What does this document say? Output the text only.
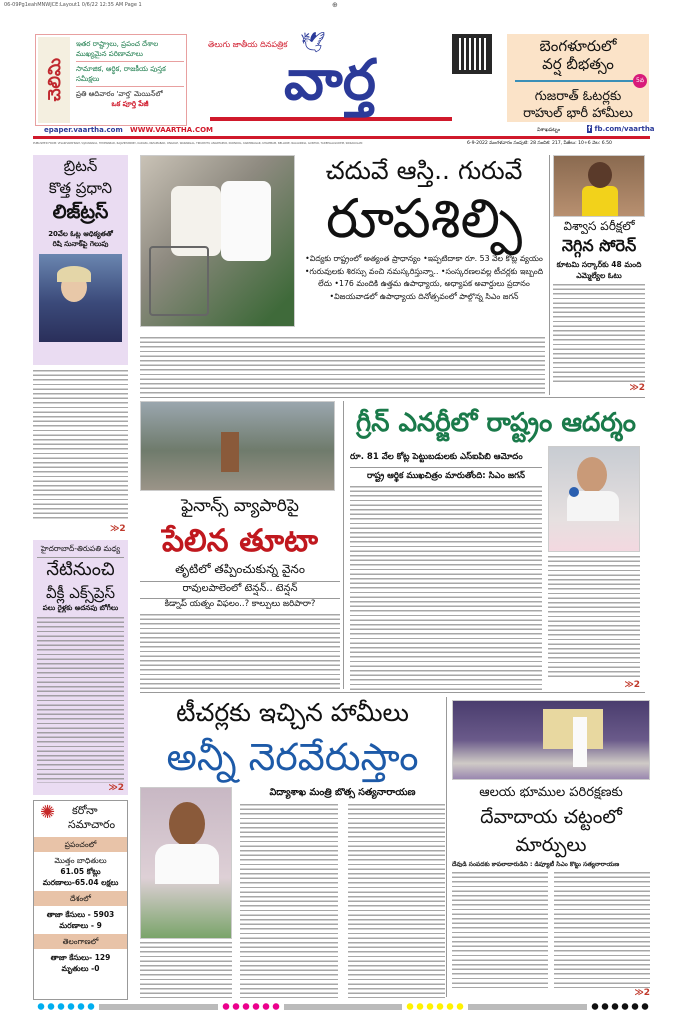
06-09Pg1eahMNWJCE:Layout1 0/6/22 12:35 AM Page 1	⊕
చెలిమి
ఇతర రాష్ట్రాలు, ప్రపంచ దేశాల ముఖ్యమైన పరిణామాలు
సామాజిక, ఆర్థిక, రాజకీయ పుస్తక సమీక్షలు
ప్రతి ఆదివారం 'వార్త' మెయిన్‌లో
ఒక పూర్తి పేజీ
తెలుగు జాతీయ దినపత్రిక 🕊
వార్త
బెంగళూరులో
వర్ష బీభత్సం
5వ
గుజరాత్ ఓటర్లకు
రాహుల్ భారీ హామీలు
epaper.vaartha.com WWW.VAARTHA.COM	విశాఖపట్నం	f fb.com/vaartha
PUBLISHED FROM: VISAKHAPATNAM, VIJAYAWADA, HYDERABAD, RAJAHMUNDRY, KADAPA, NIZAMABAD, ONGOLE, WARANGAL, TIRUPATHI, ANANTAPUR, KURNOOL, KARIMNAGAR, KHAMMAM, NELLORE, NALGONDA, GUNTUR, TADEPALLIGUDEM, SRIKAKULAM	6-9-2022 మంగళవారం సంపుటి: 28 సంచిక: 217, పేజీలు: 10+6 వెల: 6.50
బ్రిటన్
కొత్త ప్రధాని
లిజ్‌ట్రస్
20వేల ఓట్ల ఆధిక్యతతో
రిషి సునాక్‌పై గెలుపు
≫2
హైదరాబాద్-తిరుపతి మధ్య
నేటినుంచి
వీక్లీ ఎక్స్‌ప్రెస్
పలు రైళ్లకు అదనపు బోగీలు
≫2
✺ కరోనా
సమాచారం
ప్రపంచంలో
మొత్తం బాధితులు
61.05 కోట్లు
మరణాలు-65.04 లక్షలు
దేశంలో
తాజా కేసులు - 5903
మరణాలు - 9
తెలంగాణలో
తాజా కేసులు- 129
మృతులు -0
చదువే ఆస్తి.. గురువే
రూపశిల్పి
•విద్యకు రాష్ట్రంలో అత్యంత ప్రాధాన్యం •ఇప్పటిదాకా రూ. 53 వేల కోట్ల వ్యయం •గురువులకు శిరస్సు వంచి నమస్కరిస్తున్నా.. •సంస్కరణలవల్ల టీచర్లకు ఇబ్బంది లేదు •176 మందికి ఉత్తమ ఉపాధ్యాయ, అధ్యాపక అవార్డులు ప్రదానం •విజయవాడలో ఉపాధ్యాయ దినోత్సవంలో పాల్గొన్న సిఎం జగన్
విశ్వాస పరీక్షలో
నెగ్గిన సోరెన్
కూటమి సర్కార్‌కు 48 మంది ఎమ్మెల్యేల ఓటు
≫2

ఫైనాన్స్ వ్యాపారిపై
పేలిన తూటా
తృటిలో తప్పించుకున్న వైనం
రావులపాలెంలో టెన్షన్.. టెన్షన్
కిడ్నాప్ యత్నం విఫలం..? కాల్పులు జరిపారా?
గ్రీన్ ఎనర్జీలో రాష్ట్రం ఆదర్శం
రూ. 81 వేల కోట్ల పెట్టుబడులకు ఎస్‌ఐపిబి ఆమోదం
రాష్ట్ర ఆర్థిక ముఖచిత్రం మారుతోంది: సిఎం జగన్
≫2
టీచర్లకు ఇచ్చిన హామీలు
అన్నీ నెరవేరుస్తాం
విద్యాశాఖ మంత్రి బొత్స సత్యనారాయణ
	ఆలయ భూముల పరిరక్షణకు
దేవాదాయ చట్టంలో మార్పులు
దేవుడి సంపదకు కాపలాదారుడిని : డిప్యూటీ సిఎం కొట్టు సత్యనారాయణ
≫2
